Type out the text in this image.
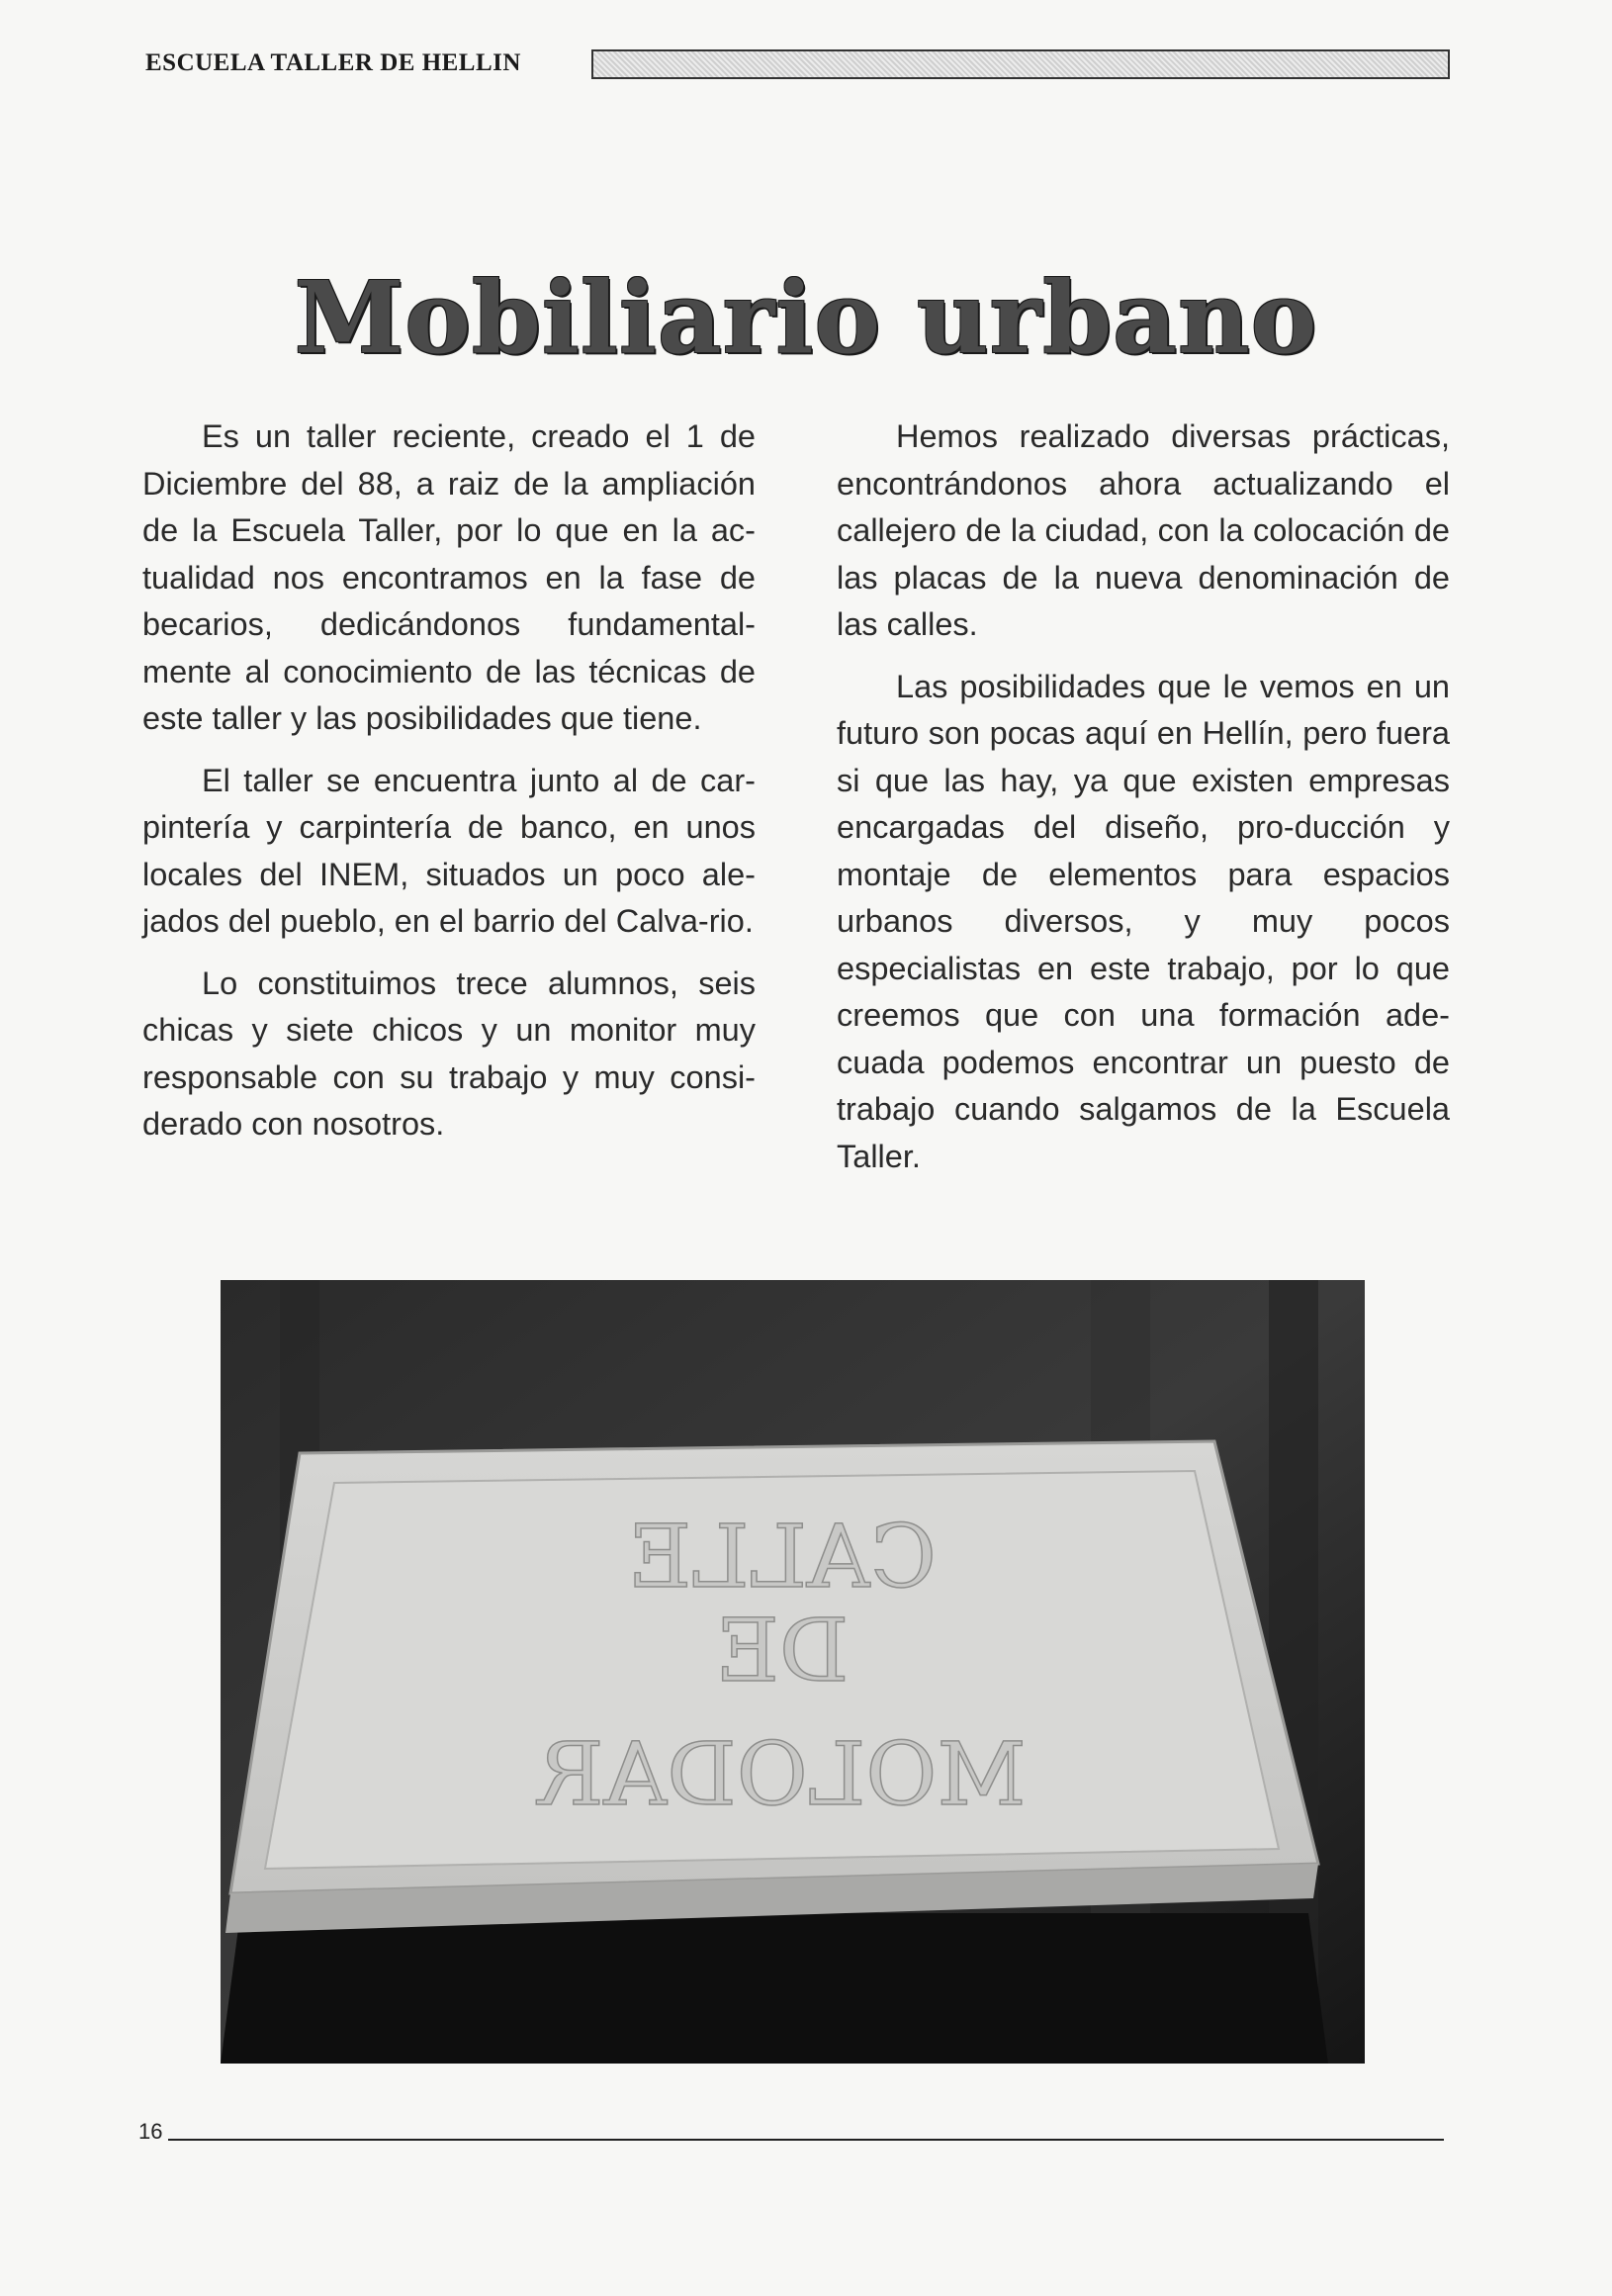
ESCUELA TALLER DE HELLIN
Mobiliario urbano

Es un taller reciente, creado el 1 de Diciembre del 88, a raiz de la ampliación de la Escuela Taller, por lo que en la ac-tualidad nos encontramos en la fase de becarios, dedicándonos fundamental-mente al conocimiento de las técnicas de este taller y las posibilidades que tiene.

El taller se encuentra junto al de car-pintería y carpintería de banco, en unos locales del INEM, situados un poco ale-jados del pueblo, en el barrio del Calva-rio.

Lo constituimos trece alumnos, seis chicas y siete chicos y un monitor muy responsable con su trabajo y muy consi-derado con nosotros.

Hemos realizado diversas prácticas, encontrándonos ahora actualizando el callejero de la ciudad, con la colocación de las placas de la nueva denominación de las calles.

Las posibilidades que le vemos en un futuro son pocas aquí en Hellín, pero fuera si que las hay, ya que existen empresas encargadas del diseño, pro-ducción y montaje de elementos para espacios urbanos diversos, y muy pocos especialistas en este trabajo, por lo que creemos que con una formación ade-cuada podemos encontrar un puesto de trabajo cuando salgamos de la Escuela Taller.

CALLE
DE
MOLODAR
16
